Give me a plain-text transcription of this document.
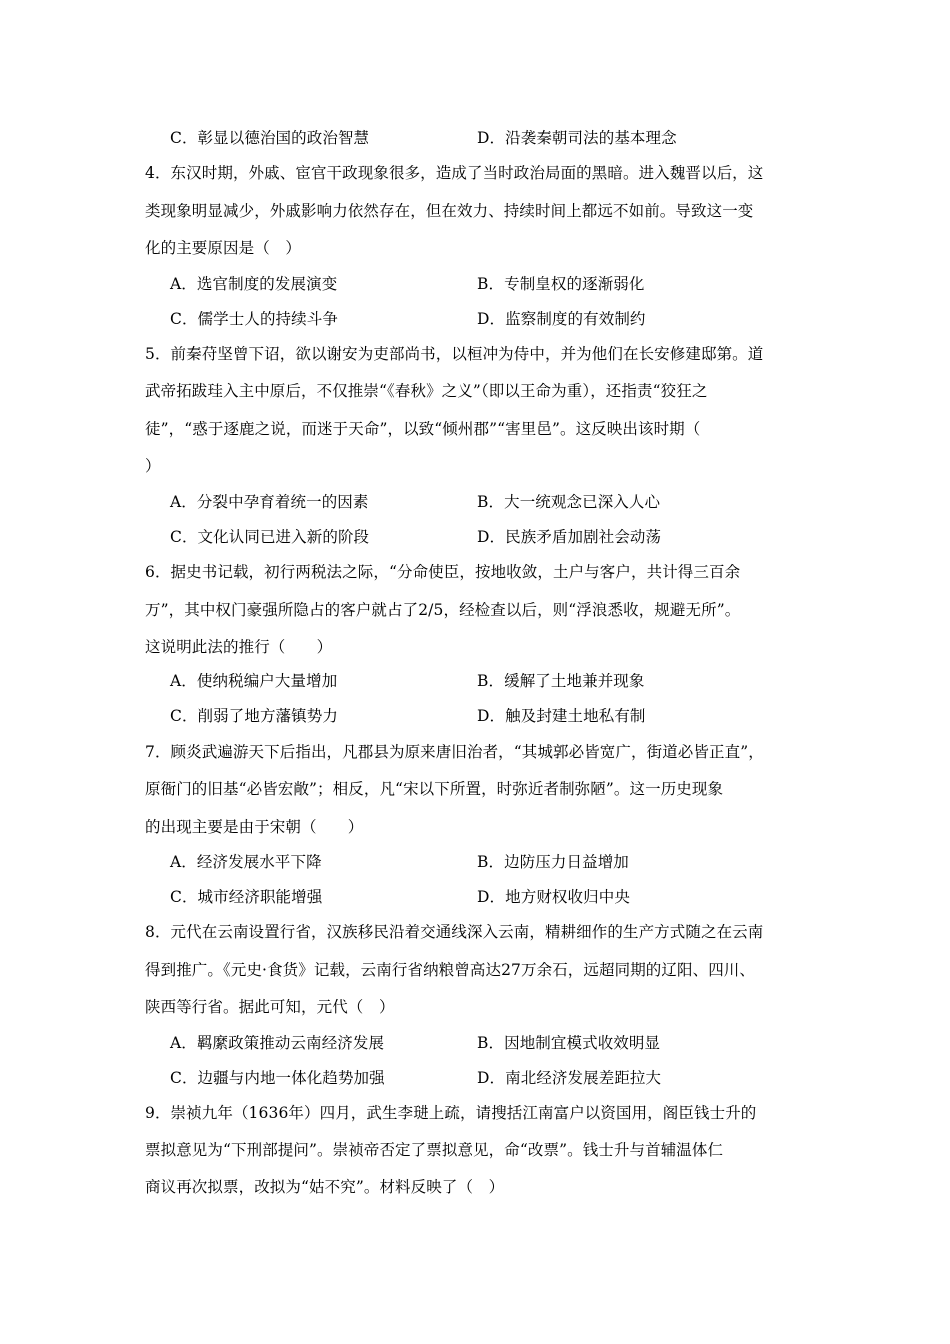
C．彰显以德治国的政治智慧	D．沿袭秦朝司法的基本理念
4．东汉时期，外戚、宦官干政现象很多，造成了当时政治局面的黑暗。进入魏晋以后，这
类现象明显减少，外戚影响力依然存在，但在效力、持续时间上都远不如前。导致这一变
化的主要原因是（　）
A．选官制度的发展演变	B．专制皇权的逐渐弱化
C．儒学士人的持续斗争	D．监察制度的有效制约
5．前秦苻坚曾下诏，欲以谢安为吏部尚书，以桓冲为侍中，并为他们在长安修建邸第。道
武帝拓跋珪入主中原后，不仅推崇“《春秋》之义”（即以王命为重），还指责“狡狂之
徒”，“惑于逐鹿之说，而迷于天命”，以致“倾州郡”“害里邑”。这反映出该时期（
）
A．分裂中孕育着统一的因素	B．大一统观念已深入人心
C．文化认同已进入新的阶段	D．民族矛盾加剧社会动荡
6．据史书记载，初行两税法之际，“分命使臣，按地收敛，土户与客户，共计得三百余
万”，其中权门豪强所隐占的客户就占了2/5，经检查以后，则“浮浪悉收，规避无所”。
这说明此法的推行（　　）
A．使纳税编户大量增加	B．缓解了土地兼并现象
C．削弱了地方藩镇势力	D．触及封建土地私有制
7．顾炎武遍游天下后指出，凡郡县为原来唐旧治者，“其城郭必皆宽广，街道必皆正直”，
原衙门的旧基“必皆宏敞”；相反，凡“宋以下所置，时弥近者制弥陋”。这一历史现象
的出现主要是由于宋朝（　　）
A．经济发展水平下降	B．边防压力日益增加
C．城市经济职能增强	D．地方财权收归中央
8．元代在云南设置行省，汉族移民沿着交通线深入云南，精耕细作的生产方式随之在云南
得到推广。《元史·食货》记载，云南行省纳粮曾高达27万余石，远超同期的辽阳、四川、
陕西等行省。据此可知，元代（　）
A．羁縻政策推动云南经济发展	B．因地制宜模式收效明显
C．边疆与内地一体化趋势加强	D．南北经济发展差距拉大
9．崇祯九年（1636年）四月，武生李琎上疏，请搜括江南富户以资国用，阁臣钱士升的
票拟意见为“下刑部提问”。崇祯帝否定了票拟意见，命“改票”。钱士升与首辅温体仁
商议再次拟票，改拟为“姑不究”。材料反映了（　）
